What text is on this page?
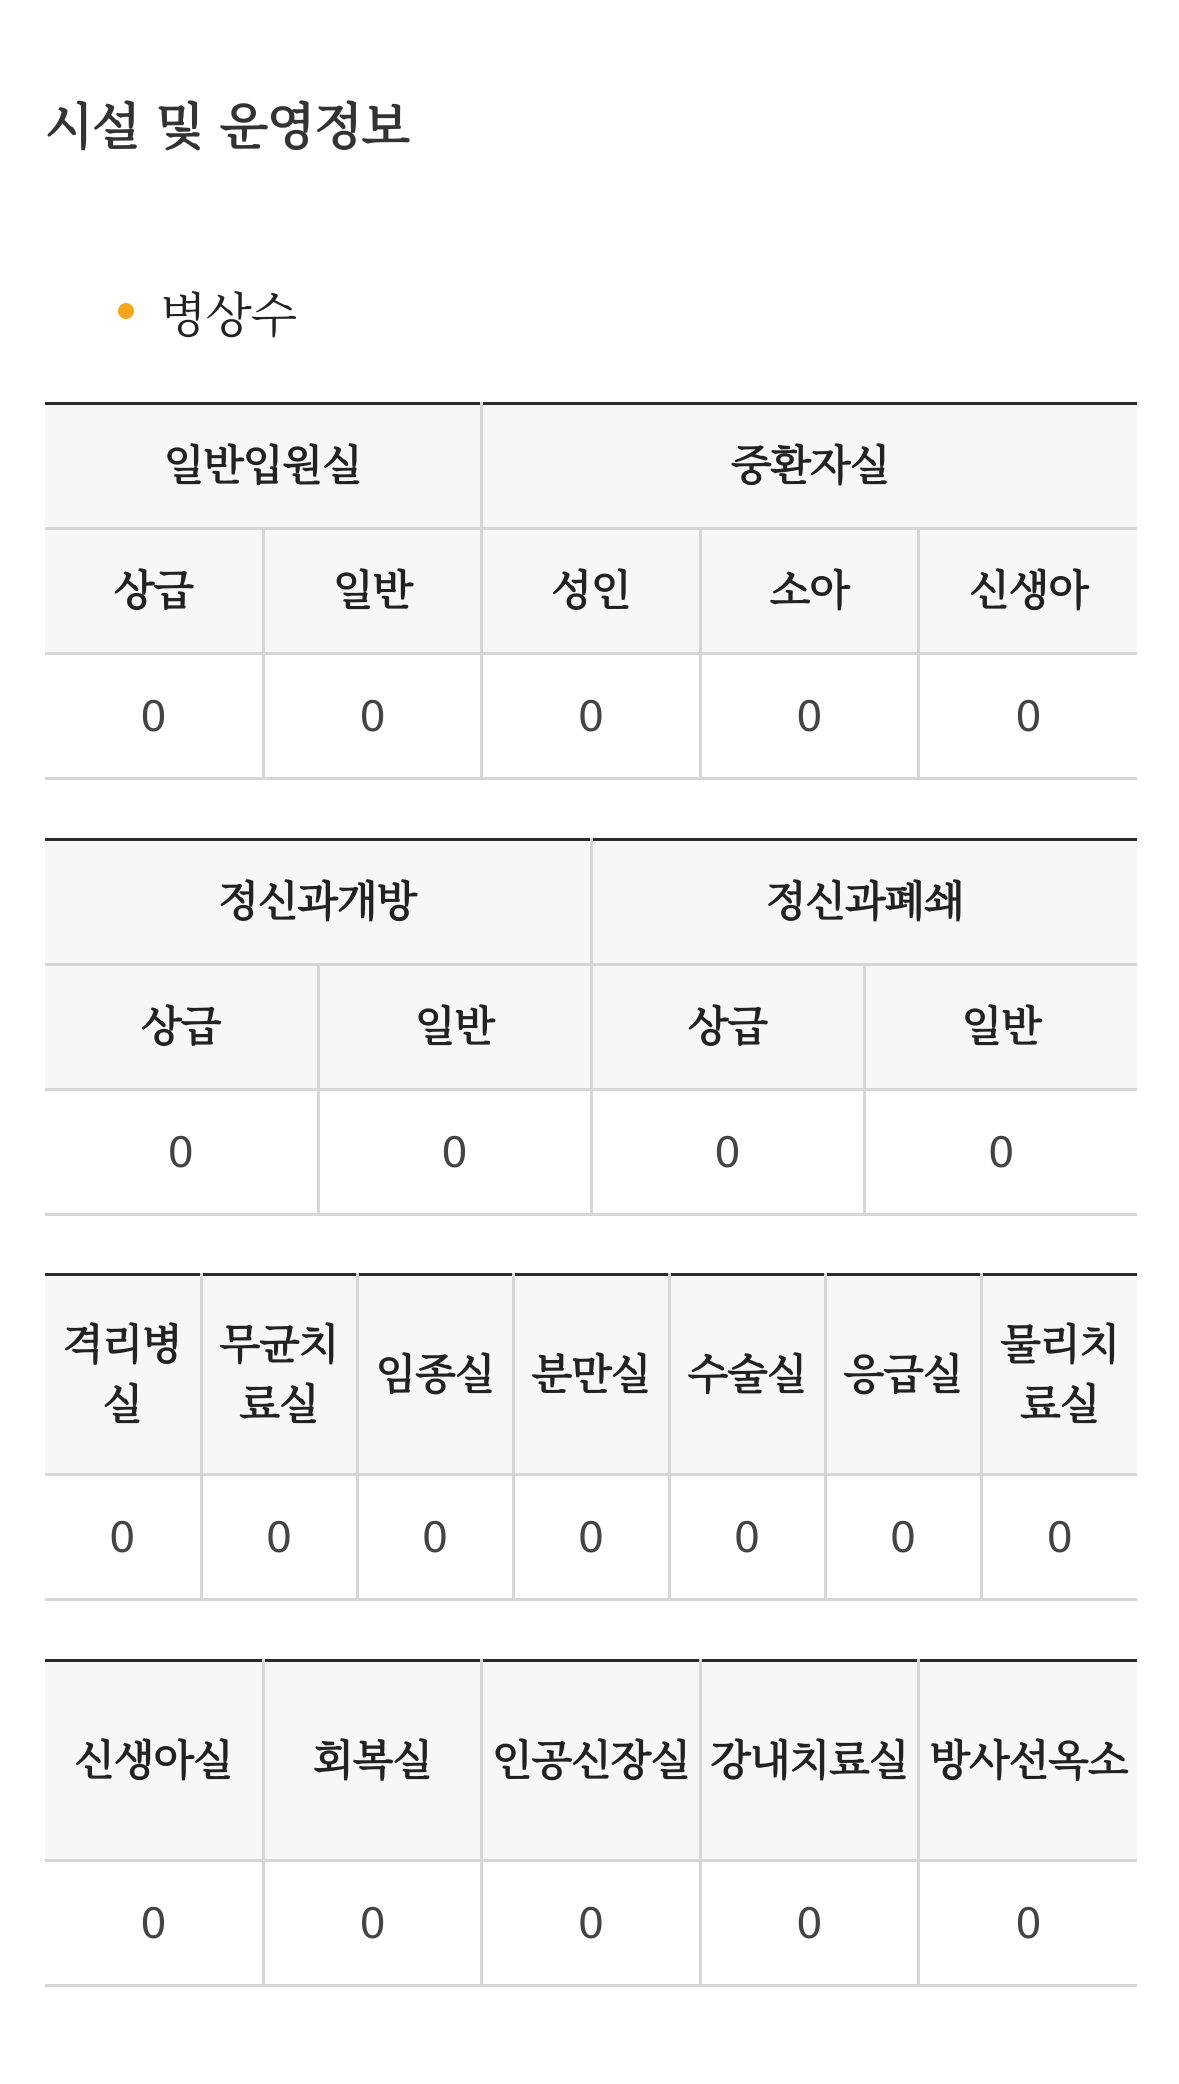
시설 및 운영정보
병상수
일반입원실		중환자실		
상급	일반	성인	소아	신생아
0	0	0	0	0
정신과개방		정신과폐쇄	
상급	일반	상급	일반
0	0	0	0
격리병실	무균치료실	임종실	분만실	수술실	응급실	물리치료실
0	0	0	0	0	0	0
신생아실	회복실	인공신장실	강내치료실	방사선옥소
0	0	0	0	0
